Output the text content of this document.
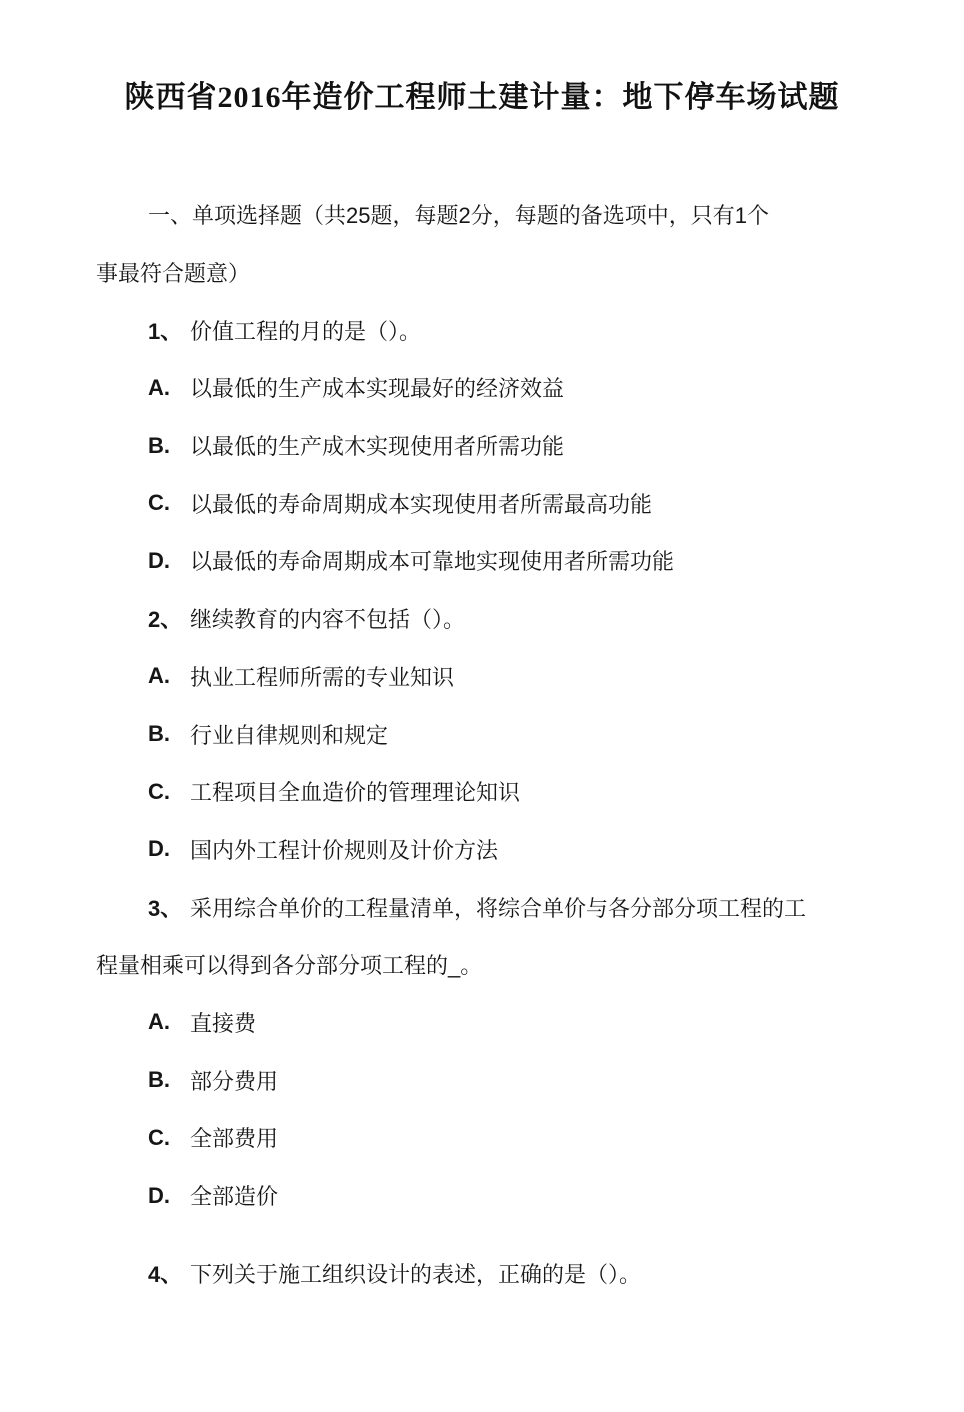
陕西省2016年造价工程师土建计量：地下停车场试题
一、单项选择题（共25题，每题2分，每题的备选项中，只有1个
事最符合题意）
1、 价值工程的月的是（）。
A. 以最低的生产成本实现最好的经济效益
B. 以最低的生产成木实现使用者所需功能
C. 以最低的寿命周期成本实现使用者所需最高功能
D. 以最低的寿命周期成本可靠地实现使用者所需功能
2、 继续教育的内容不包括（）。
A. 执业工程师所需的专业知识
B. 行业自律规则和规定
C. 工程项目全血造价的管理理论知识
D. 国内外工程计价规则及计价方法
3、 采用综合单价的工程量清单，将综合单价与各分部分项工程的工
程量相乘可以得到各分部分项工程的_。
A. 直接费
B. 部分费用
C. 全部费用
D. 全部造价
4、 下列关于施工组织设计的表述，正确的是（）。
